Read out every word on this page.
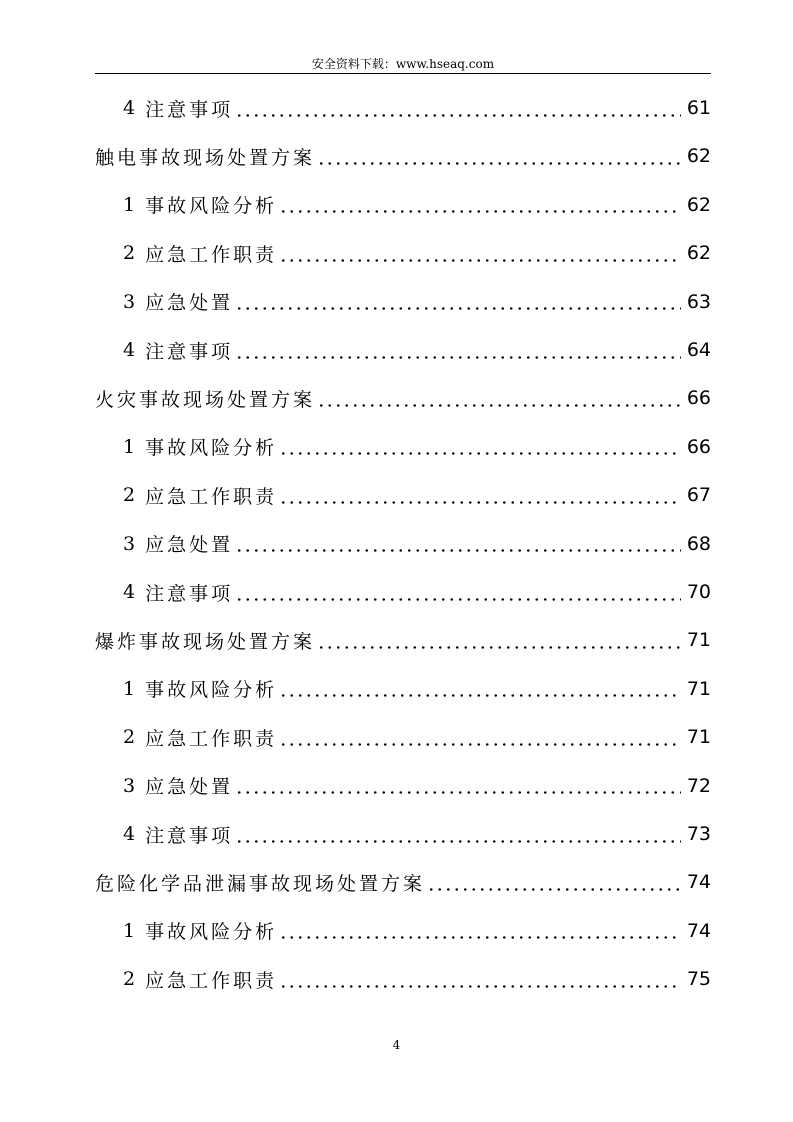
安全资料下载：www.hseaq.com
4 注意事项	61
触电事故现场处置方案	62
1 事故风险分析	62
2 应急工作职责	62
3 应急处置	63
4 注意事项	64
火灾事故现场处置方案	66
1 事故风险分析	66
2 应急工作职责	67
3 应急处置	68
4 注意事项	70
爆炸事故现场处置方案	71
1 事故风险分析	71
2 应急工作职责	71
3 应急处置	72
4 注意事项	73
危险化学品泄漏事故现场处置方案	74
1 事故风险分析	74
2 应急工作职责	75
4
